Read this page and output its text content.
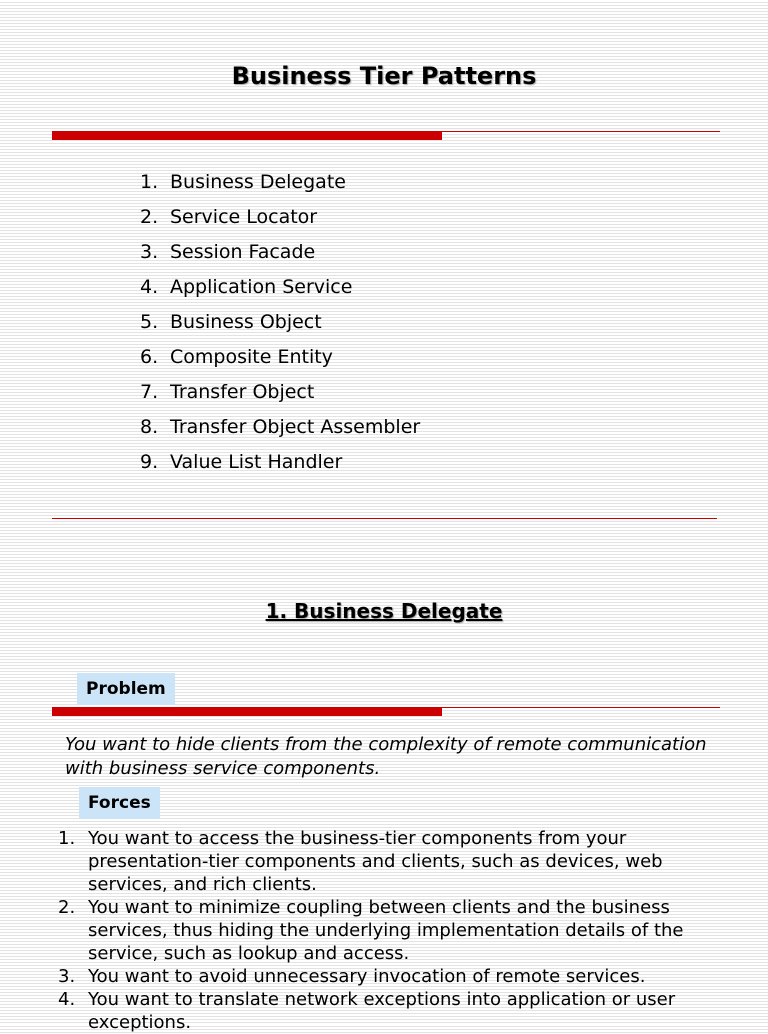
Business Tier Patterns
1. Business Delegate
2. Service Locator
3. Session Facade
4. Application Service
5. Business Object
6. Composite Entity
7. Transfer Object
8. Transfer Object Assembler
9. Value List Handler
1. Business Delegate
Problem
You want to hide clients from the complexity of remote communication with business service components.
Forces
1. You want to access the business-tier components from your presentation-tier components and clients, such as devices, web services, and rich clients.
2. You want to minimize coupling between clients and the business services, thus hiding the underlying implementation details of the service, such as lookup and access.
3. You want to avoid unnecessary invocation of remote services.
4. You want to translate network exceptions into application or user exceptions.
